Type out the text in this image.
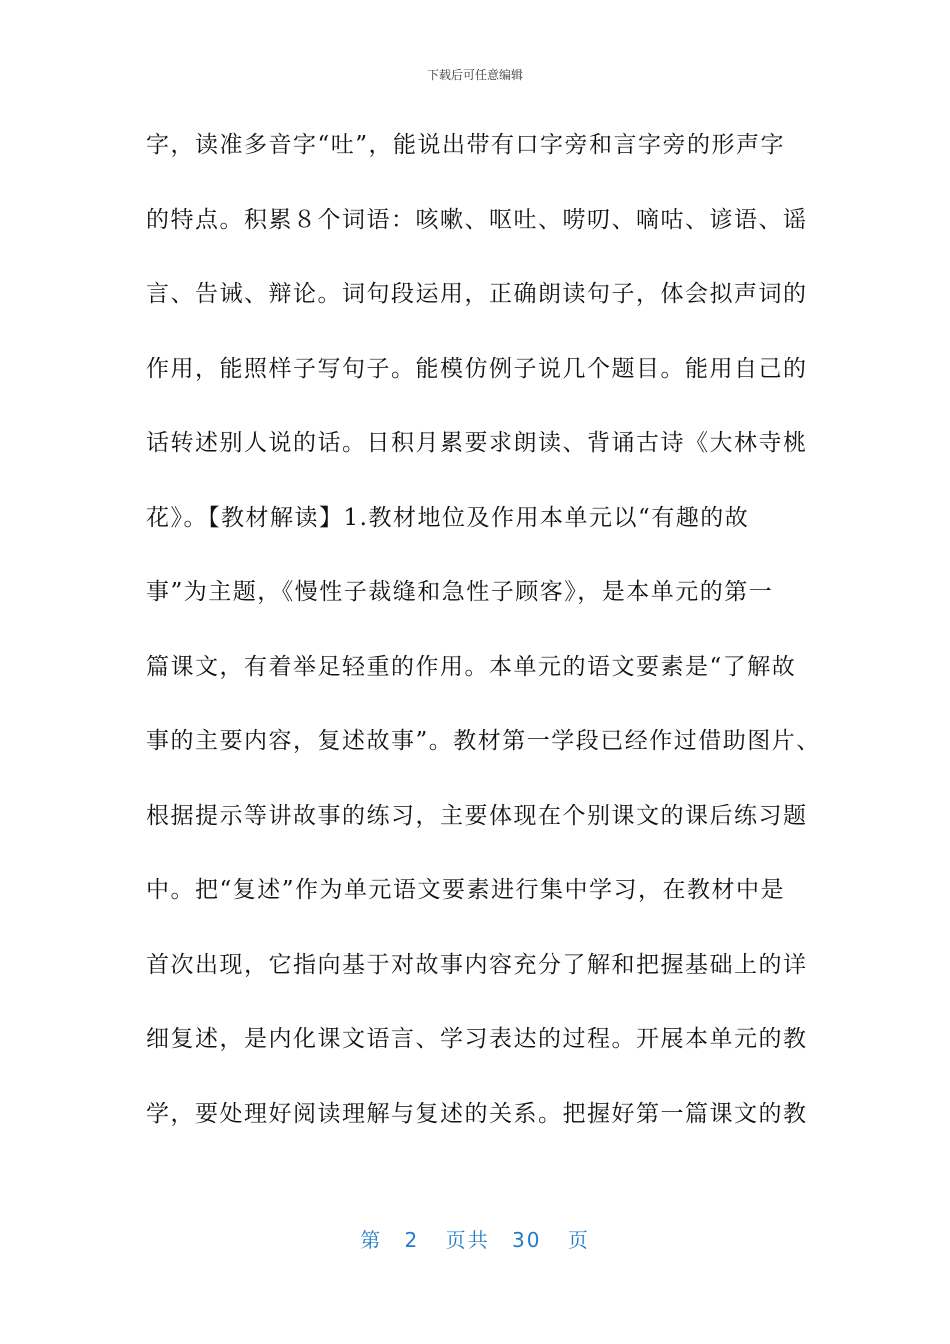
下载后可任意编辑
字，读准多音字“吐”，能说出带有口字旁和言字旁的形声字
的特点。积累８个词语：咳嗽、呕吐、唠叨、嘀咕、谚语、谣
言、告诫、辩论。词句段运用，正确朗读句子，体会拟声词的
作用，能照样子写句子。能模仿例子说几个题目。能用自己的
话转述别人说的话。日积月累要求朗读、背诵古诗《大林寺桃
花》。【教材解读】1.教材地位及作用本单元以“有趣的故
事”为主题，《慢性子裁缝和急性子顾客》，是本单元的第一
篇课文，有着举足轻重的作用。本单元的语文要素是“了解故
事的主要内容，复述故事”。教材第一学段已经作过借助图片、
根据提示等讲故事的练习，主要体现在个别课文的课后练习题
中。把“复述”作为单元语文要素进行集中学习，在教材中是
首次出现，它指向基于对故事内容充分了解和把握基础上的详
细复述，是内化课文语言、学习表达的过程。开展本单元的教
学，要处理好阅读理解与复述的关系。把握好第一篇课文的教
第 2 页共 30 页
